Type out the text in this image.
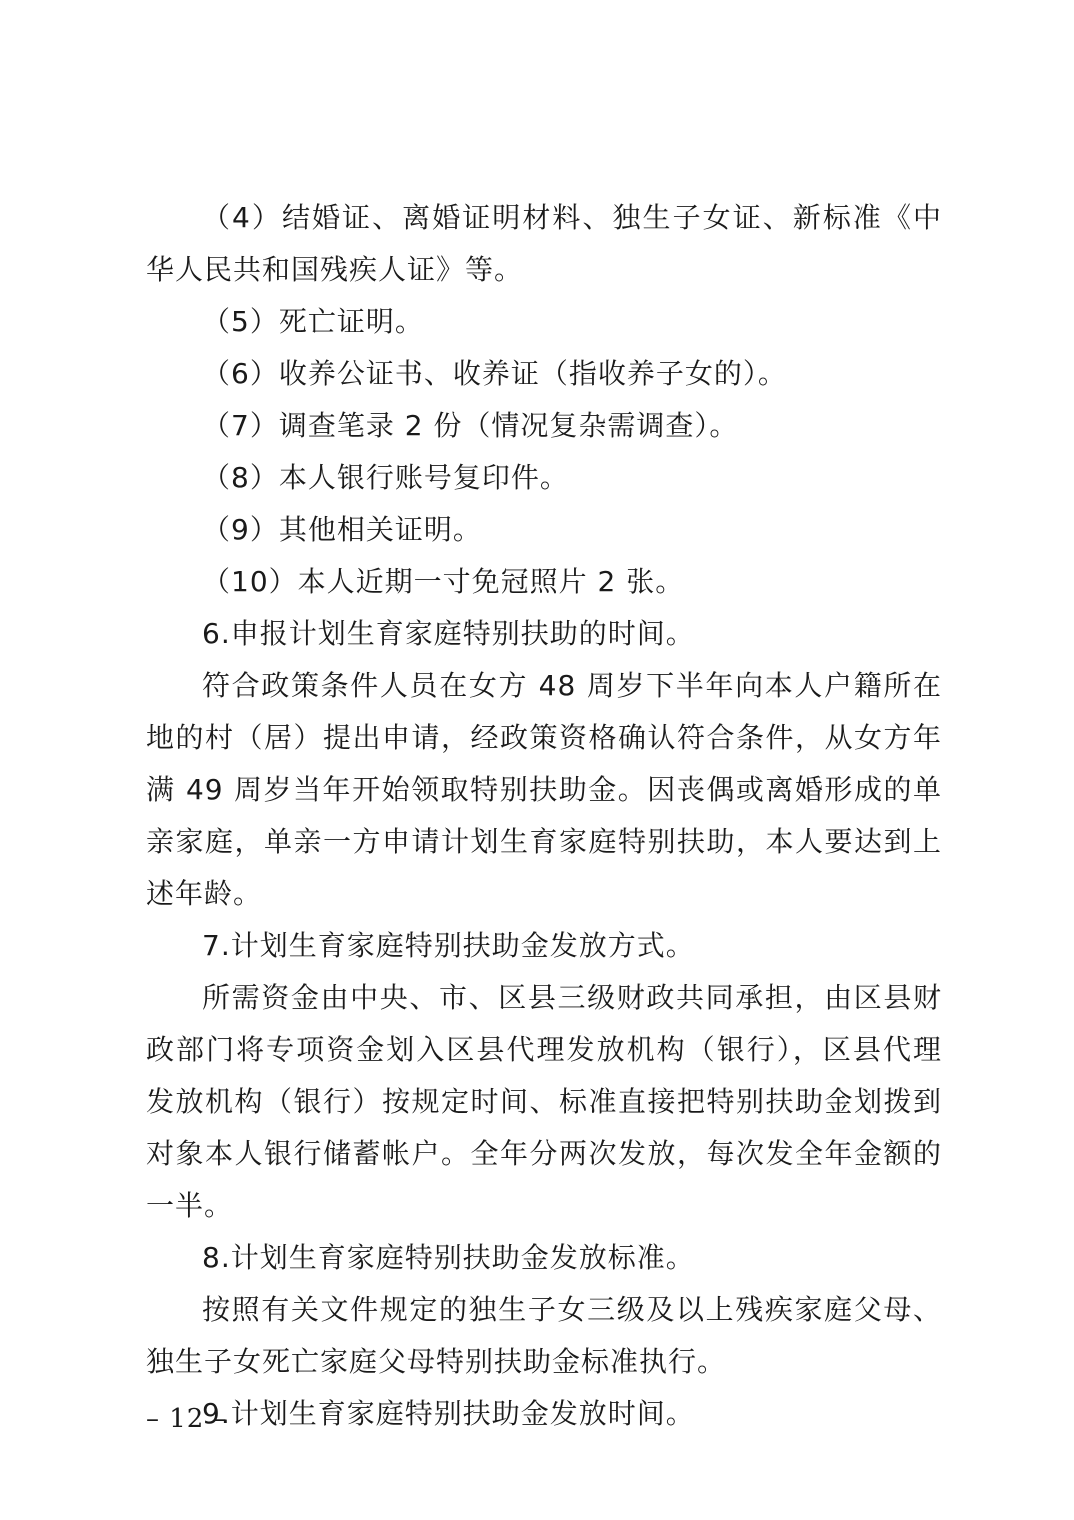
（4）结婚证、离婚证明材料、独生子女证、新标准《中华人民共和国残疾人证》等。

（5）死亡证明。

（6）收养公证书、收养证（指收养子女的）。

（7）调查笔录 2 份（情况复杂需调查）。

（8）本人银行账号复印件。

（9）其他相关证明。

（10）本人近期一寸免冠照片 2 张。

6.申报计划生育家庭特别扶助的时间。

符合政策条件人员在女方 48 周岁下半年向本人户籍所在地的村（居）提出申请，经政策资格确认符合条件，从女方年满 49 周岁当年开始领取特别扶助金。因丧偶或离婚形成的单亲家庭，单亲一方申请计划生育家庭特别扶助，本人要达到上述年龄。

7.计划生育家庭特别扶助金发放方式。

所需资金由中央、市、区县三级财政共同承担，由区县财政部门将专项资金划入区县代理发放机构（银行），区县代理发放机构（银行）按规定时间、标准直接把特别扶助金划拨到对象本人银行储蓄帐户。全年分两次发放，每次发全年金额的一半。

8.计划生育家庭特别扶助金发放标准。

按照有关文件规定的独生子女三级及以上残疾家庭父母、独生子女死亡家庭父母特别扶助金标准执行。

9.计划生育家庭特别扶助金发放时间。

– 12 –
